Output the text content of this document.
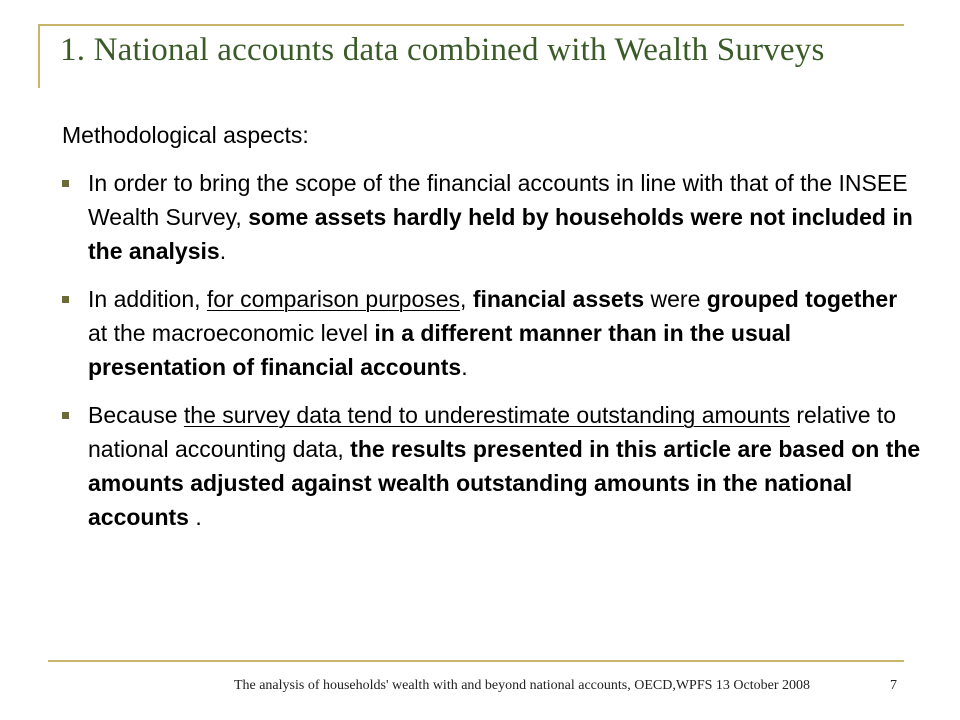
1. National accounts data combined with Wealth Surveys

Methodological aspects:

In order to bring the scope of the financial accounts in line with that of the INSEE Wealth Survey, some assets hardly held by households were not included in the analysis.
In addition, for comparison purposes, financial assets were grouped together at the macroeconomic level in a different manner than in the usual presentation of financial accounts.
Because the survey data tend to underestimate outstanding amounts relative to national accounting data, the results presented in this article are based on the amounts adjusted against wealth outstanding amounts in the national accounts .
The analysis of households' wealth with and beyond national accounts, OECD,WPFS 13 October 2008	7
